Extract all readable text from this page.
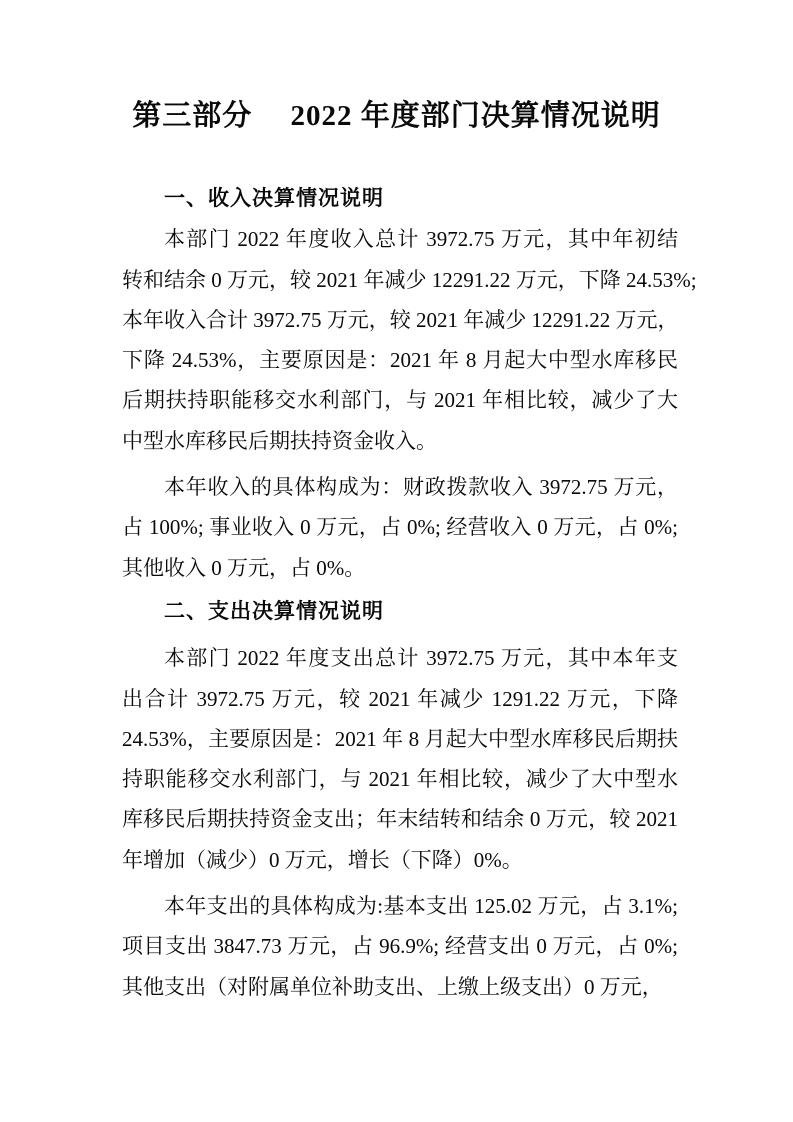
第三部分　 2022 年度部门决算情况说明
一、收入决算情况说明
本部门 2022 年度收入总计 3972.75 万元，其中年初结
转和结余 0 万元，较 2021 年减少 12291.22 万元，下降 24.53%;
本年收入合计 3972.75 万元，较 2021 年减少 12291.22 万元，
下降 24.53%，主要原因是：2021 年 8 月起大中型水库移民
后期扶持职能移交水利部门，与 2021 年相比较，减少了大
中型水库移民后期扶持资金收入。
本年收入的具体构成为：财政拨款收入 3972.75 万元，
占 100%; 事业收入 0 万元，占 0%; 经营收入 0 万元，占 0%;
其他收入 0 万元，占 0%。
二、支出决算情况说明
本部门 2022 年度支出总计 3972.75 万元，其中本年支
出合计 3972.75 万元，较 2021 年减少 1291.22 万元，下降
24.53%，主要原因是：2021 年 8 月起大中型水库移民后期扶
持职能移交水利部门，与 2021 年相比较，减少了大中型水
库移民后期扶持资金支出；年末结转和结余 0 万元，较 2021
年增加（减少）0 万元，增长（下降）0%。
本年支出的具体构成为:基本支出 125.02 万元，占 3.1%;
项目支出 3847.73 万元，占 96.9%; 经营支出 0 万元，占 0%;
其他支出（对附属单位补助支出、上缴上级支出）0 万元，
